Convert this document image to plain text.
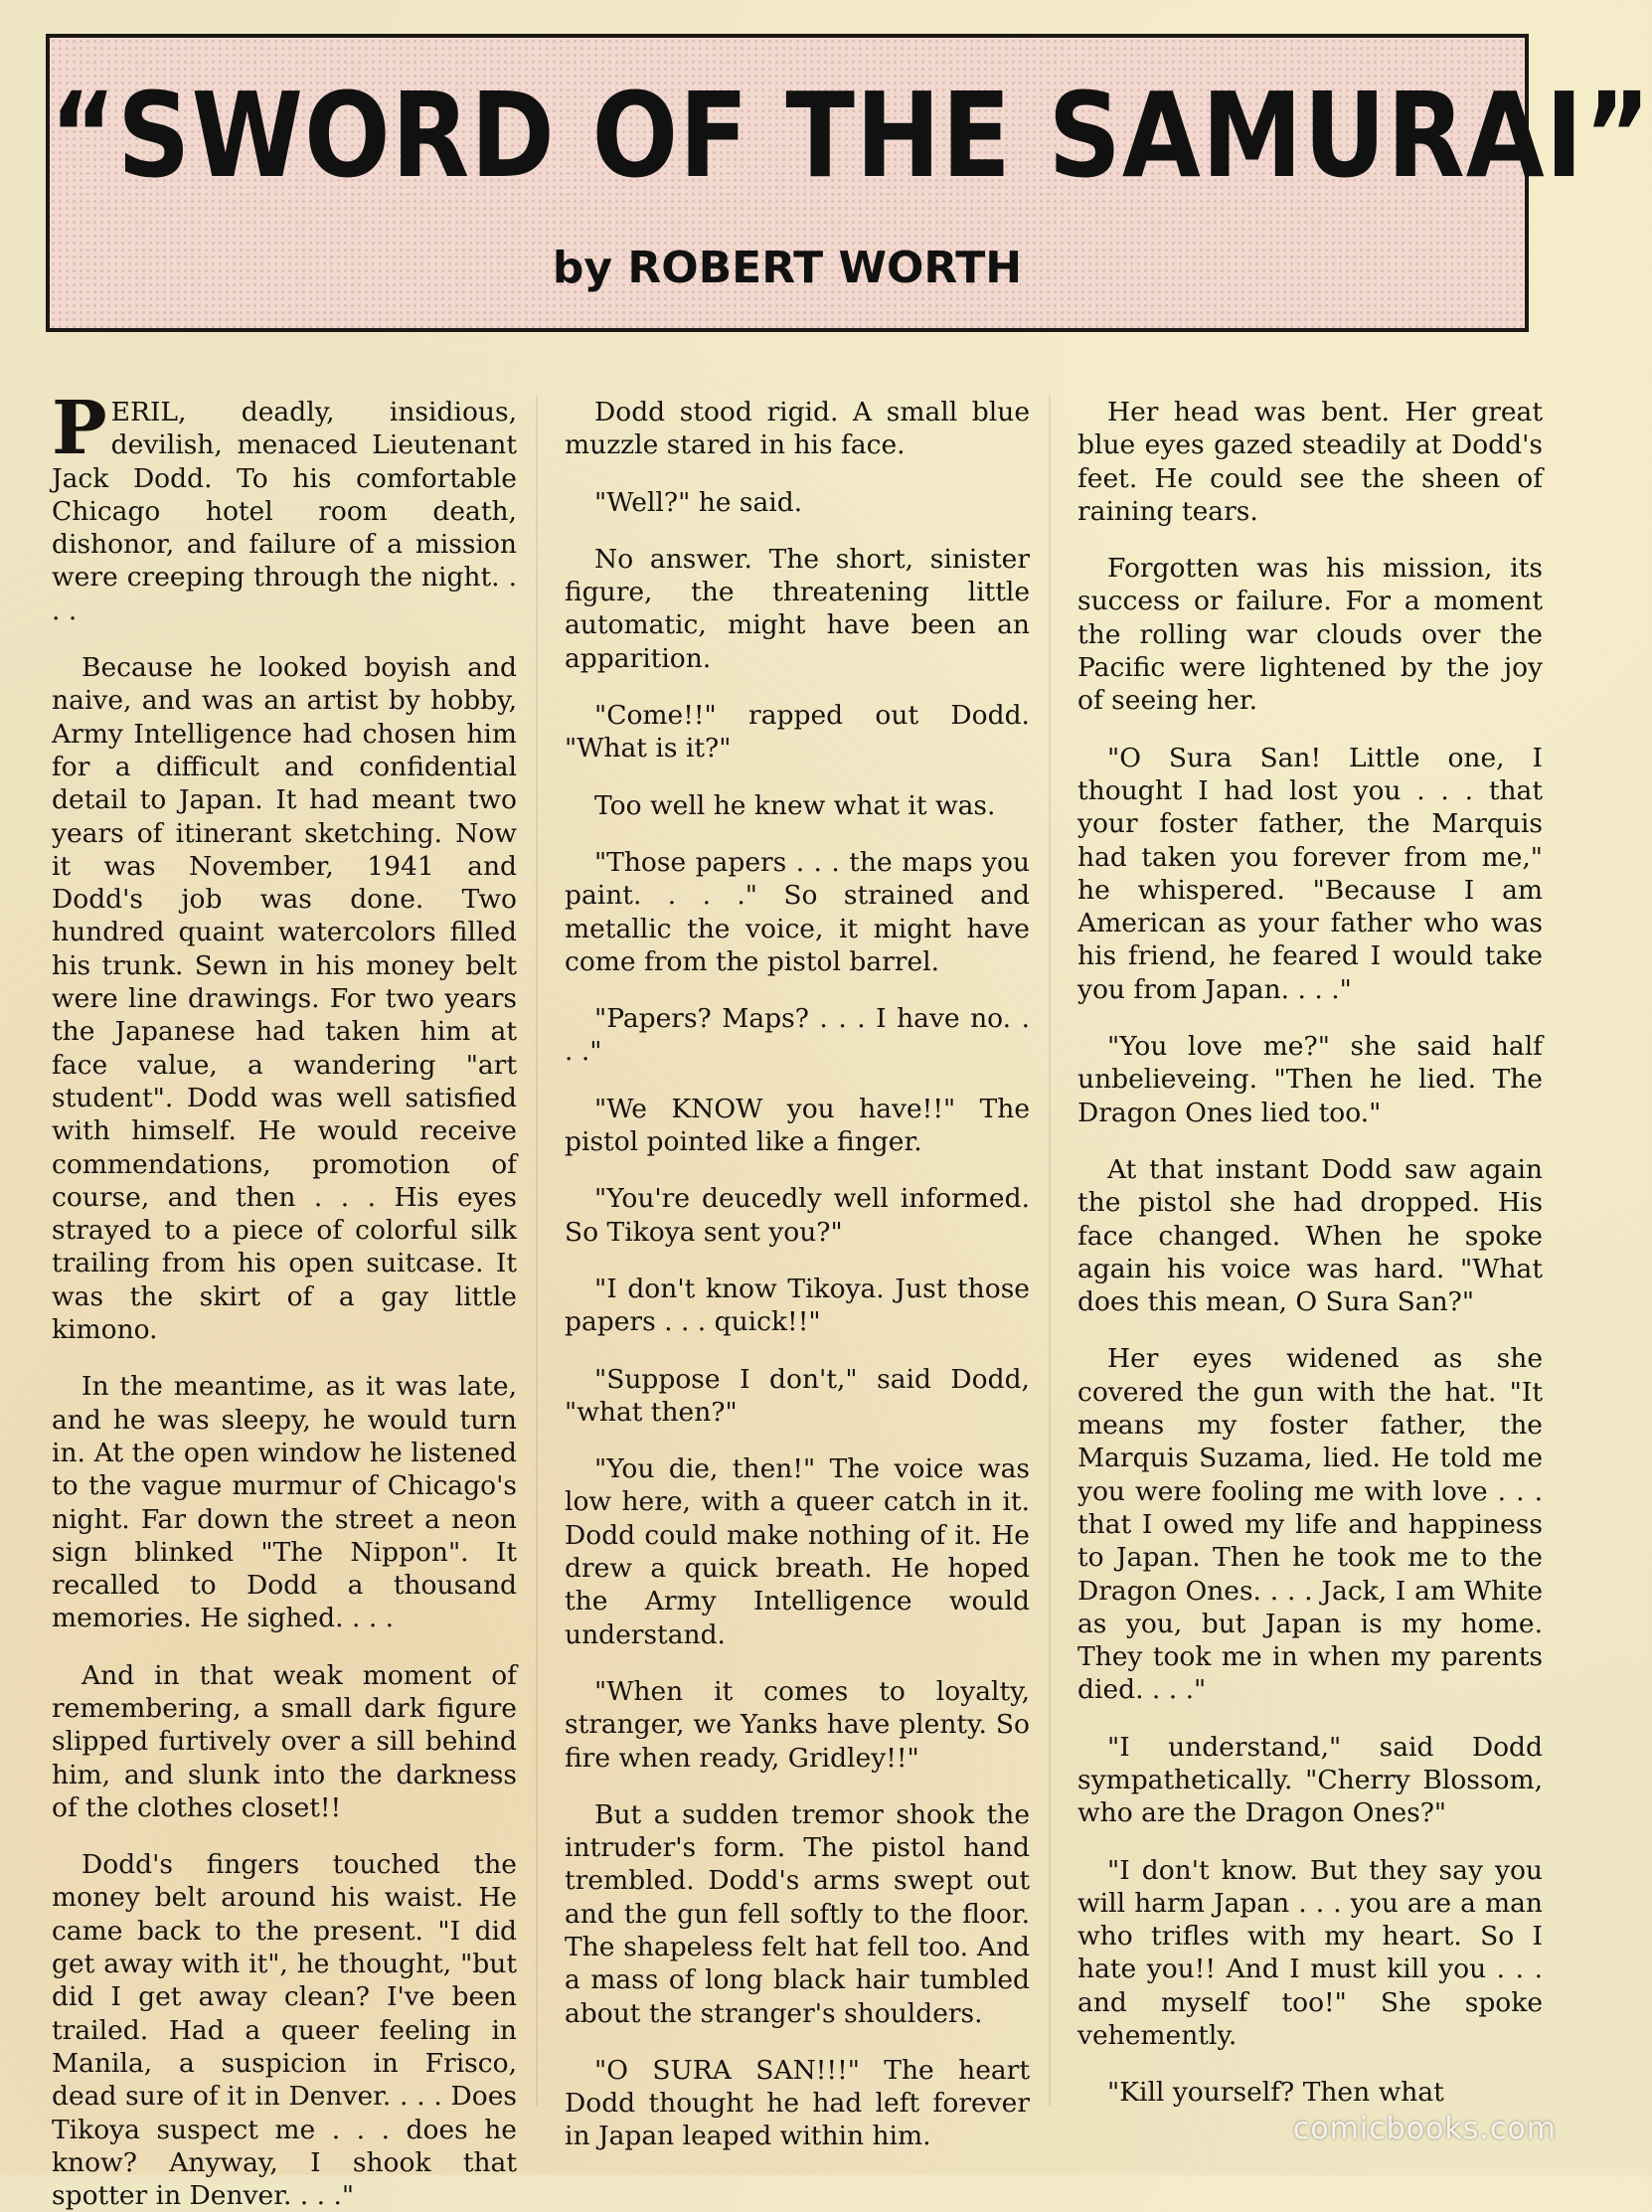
“SWORD OF THE SAMURAI”
by ROBERT WORTH

PERIL, deadly, insidious, devilish, menaced Lieutenant Jack Dodd. To his comfortable Chicago hotel room death, dishonor, and failure of a mission were creeping through the night. . . .

Because he looked boyish and naive, and was an artist by hobby, Army Intelligence had chosen him for a difficult and confidential detail to Japan. It had meant two years of itinerant sketching. Now it was November, 1941 and Dodd's job was done. Two hundred quaint watercolors filled his trunk. Sewn in his money belt were line drawings. For two years the Japanese had taken him at face value, a wandering "art student". Dodd was well satisfied with himself. He would receive commendations, promotion of course, and then . . . His eyes strayed to a piece of colorful silk trailing from his open suitcase. It was the skirt of a gay little kimono.

In the meantime, as it was late, and he was sleepy, he would turn in. At the open window he listened to the vague murmur of Chicago's night. Far down the street a neon sign blinked "The Nippon". It recalled to Dodd a thousand memories. He sighed. . . .

And in that weak moment of remembering, a small dark figure slipped furtively over a sill behind him, and slunk into the darkness of the clothes closet!!

Dodd's fingers touched the money belt around his waist. He came back to the present. "I did get away with it", he thought, "but did I get away clean? I've been trailed. Had a queer feeling in Manila, a suspicion in Frisco, dead sure of it in Denver. . . . Does Tikoya suspect me . . . does he know? Anyway, I shook that spotter in Denver. . . ."

Dodd stood rigid. A small blue muzzle stared in his face.

"Well?" he said.

No answer. The short, sinister figure, the threatening little automatic, might have been an apparition.

"Come!!" rapped out Dodd. "What is it?"

Too well he knew what it was.

"Those papers . . . the maps you paint. . . ." So strained and metallic the voice, it might have come from the pistol barrel.

"Papers? Maps? . . . I have no. . . ."

"We KNOW you have!!" The pistol pointed like a finger.

"You're deucedly well informed. So Tikoya sent you?"

"I don't know Tikoya. Just those papers . . . quick!!"

"Suppose I don't," said Dodd, "what then?"

"You die, then!" The voice was low here, with a queer catch in it. Dodd could make nothing of it. He drew a quick breath. He hoped the Army Intelligence would understand.

"When it comes to loyalty, stranger, we Yanks have plenty. So fire when ready, Gridley!!"

But a sudden tremor shook the intruder's form. The pistol hand trembled. Dodd's arms swept out and the gun fell softly to the floor. The shapeless felt hat fell too. And a mass of long black hair tumbled about the stranger's shoulders.

"O SURA SAN!!!" The heart Dodd thought he had left forever in Japan leaped within him.

Her head was bent. Her great blue eyes gazed steadily at Dodd's feet. He could see the sheen of raining tears.

Forgotten was his mission, its success or failure. For a moment the rolling war clouds over the Pacific were lightened by the joy of seeing her.

"O Sura San! Little one, I thought I had lost you . . . that your foster father, the Marquis had taken you forever from me," he whispered. "Because I am American as your father who was his friend, he feared I would take you from Japan. . . ."

"You love me?" she said half unbelieveing. "Then he lied. The Dragon Ones lied too."

At that instant Dodd saw again the pistol she had dropped. His face changed. When he spoke again his voice was hard. "What does this mean, O Sura San?"

Her eyes widened as she covered the gun with the hat. "It means my foster father, the Marquis Suzama, lied. He told me you were fooling me with love . . . that I owed my life and happiness to Japan. Then he took me to the Dragon Ones. . . . Jack, I am White as you, but Japan is my home. They took me in when my parents died. . . ."

"I understand," said Dodd sympathetically. "Cherry Blossom, who are the Dragon Ones?"

"I don't know. But they say you will harm Japan . . . you are a man who trifles with my heart. So I hate you!! And I must kill you . . . and myself too!" She spoke vehemently.

"Kill yourself? Then what

comicbooks.com
